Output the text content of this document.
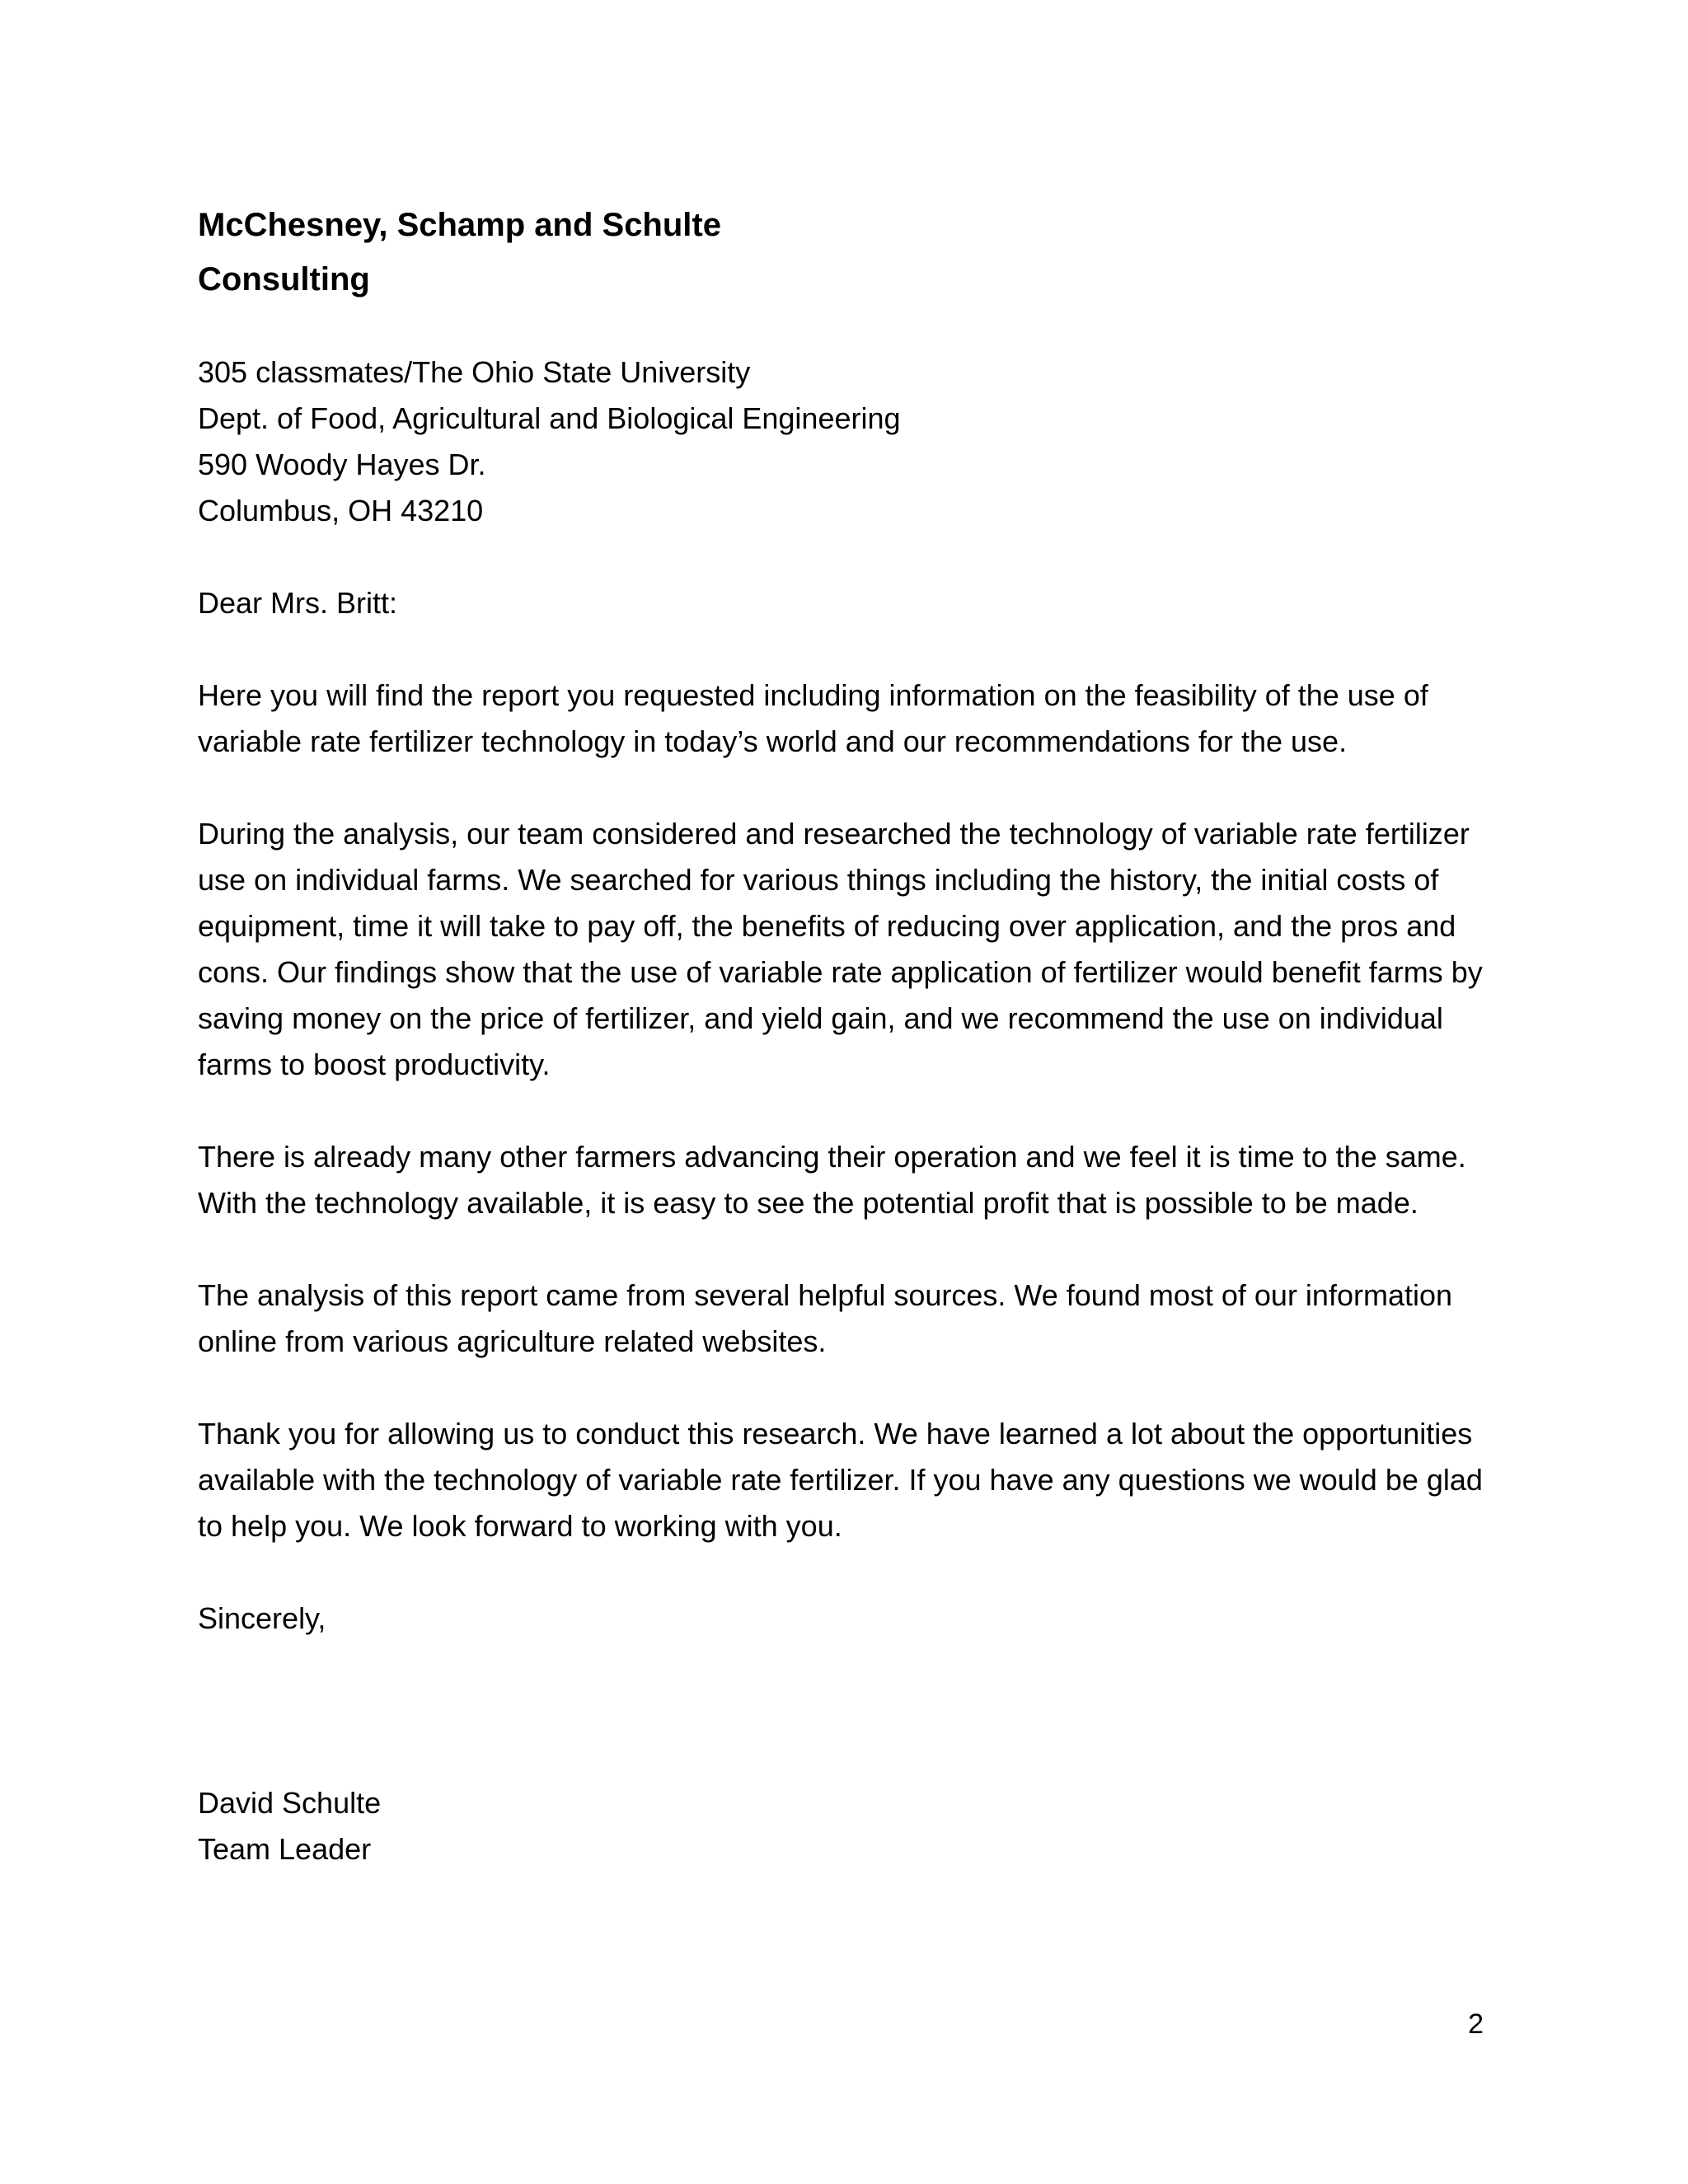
McChesney, Schamp and Schulte
Consulting
305 classmates/The Ohio State University
Dept. of Food, Agricultural and Biological Engineering
590 Woody Hayes Dr.
Columbus, OH 43210
Dear Mrs. Britt:

Here you will find the report you requested including information on the feasibility of the use of variable rate fertilizer technology in today’s world and our recommendations for the use.

During the analysis, our team considered and researched the technology of variable rate fertilizer use on individual farms. We searched for various things including the history, the initial costs of equipment, time it will take to pay off, the benefits of reducing over application, and the pros and cons. Our findings show that the use of variable rate application of fertilizer would benefit farms by saving money on the price of fertilizer, and yield gain, and we recommend the use on individual farms to boost productivity.

There is already many other farmers advancing their operation and we feel it is time to the same. With the technology available, it is easy to see the potential profit that is possible to be made.

The analysis of this report came from several helpful sources. We found most of our information online from various agriculture related websites.

Thank you for allowing us to conduct this research. We have learned a lot about the opportunities available with the technology of variable rate fertilizer. If you have any questions we would be glad to help you. We look forward to working with you.

Sincerely,
David Schulte
Team Leader
2
